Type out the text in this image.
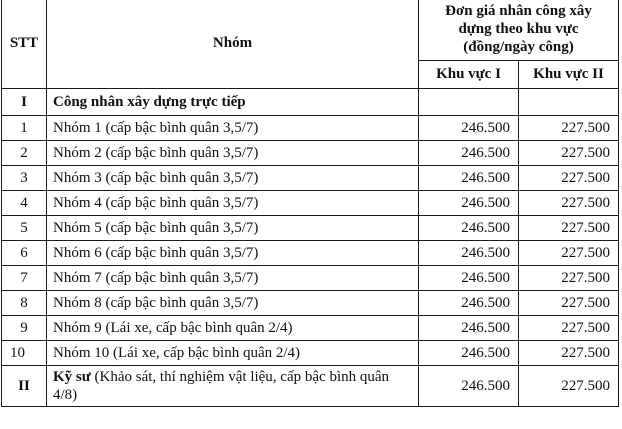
STT	Nhóm	Đơn giá nhân công xây dựng theo khu vực (đồng/ngày công)	
		Khu vực I	Khu vực II
I	Công nhân xây dựng trực tiếp		
1	Nhóm 1 (cấp bậc bình quân 3,5/7)	246.500	227.500
2	Nhóm 2 (cấp bậc bình quân 3,5/7)	246.500	227.500
3	Nhóm 3 (cấp bậc bình quân 3,5/7)	246.500	227.500
4	Nhóm 4 (cấp bậc bình quân 3,5/7)	246.500	227.500
5	Nhóm 5 (cấp bậc bình quân 3,5/7)	246.500	227.500
6	Nhóm 6 (cấp bậc bình quân 3,5/7)	246.500	227.500
7	Nhóm 7 (cấp bậc bình quân 3,5/7)	246.500	227.500
8	Nhóm 8 (cấp bậc bình quân 3,5/7)	246.500	227.500
9	Nhóm 9 (Lái xe, cấp bậc bình quân 2/4)	246.500	227.500
10	Nhóm 10 (Lái xe, cấp bậc bình quân 2/4)	246.500	227.500
II	Kỹ sư (Khảo sát, thí nghiệm vật liệu, cấp bậc bình quân 4/8)	246.500	227.500
